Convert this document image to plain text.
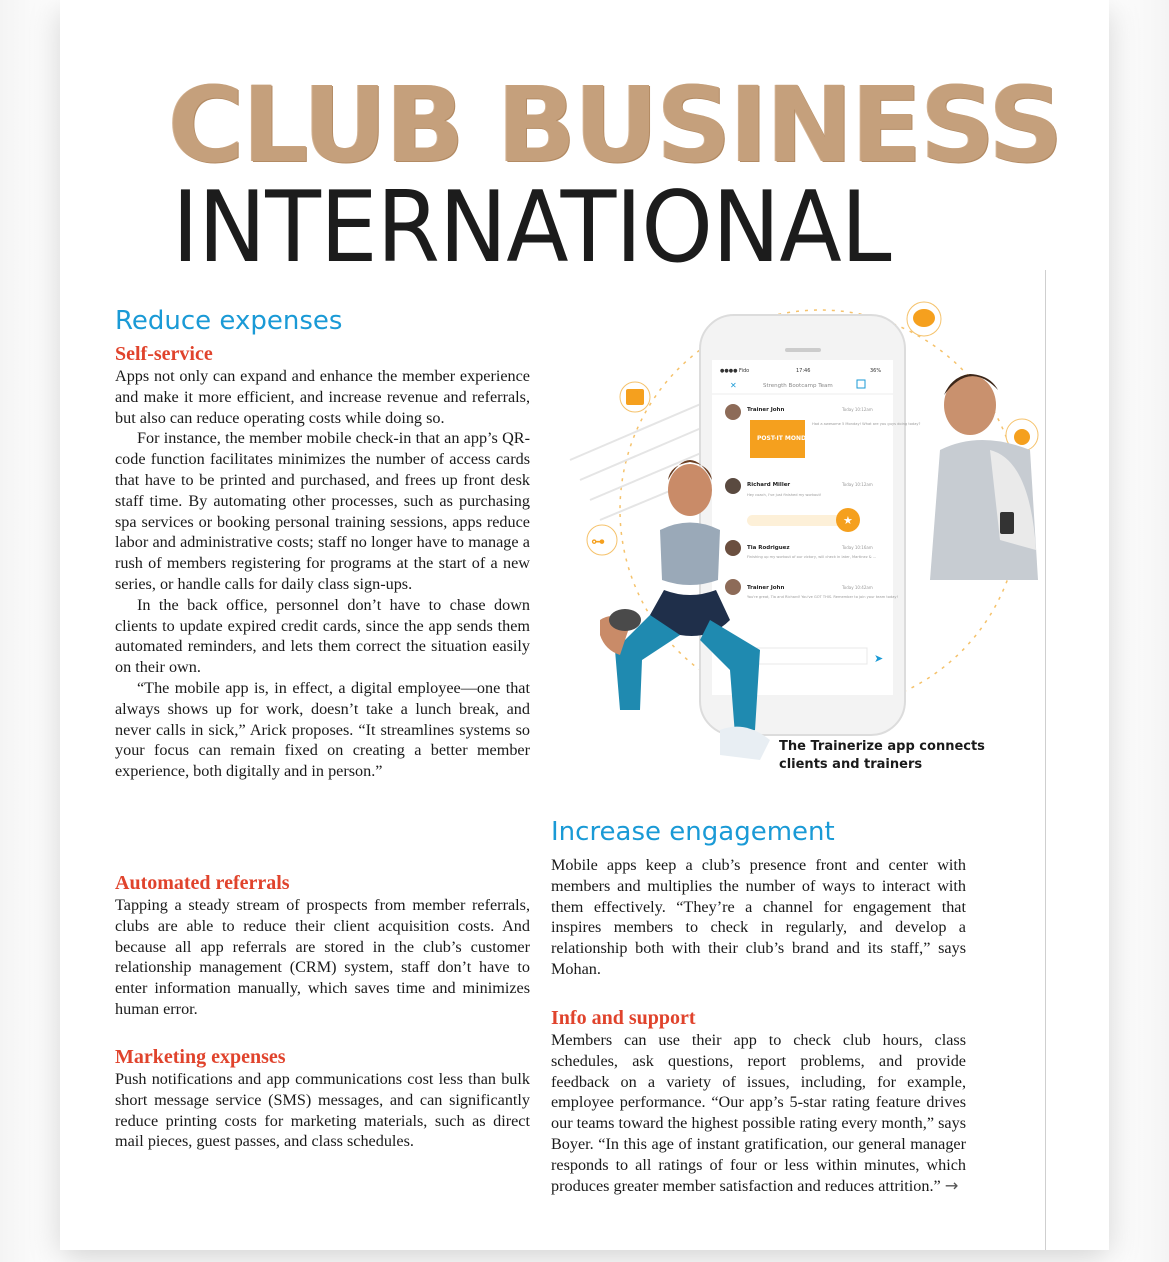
CLUB BUSINESS
INTERNATIONAL
Reduce expenses
Self-service

Apps not only can expand and enhance the member experience and make it more efficient, and increase revenue and referrals, but also can reduce operating costs while doing so.

For instance, the member mobile check-in that an app’s QR-code function facilitates minimizes the number of access cards that have to be printed and purchased, and frees up front desk staff time. By automating other processes, such as purchasing spa services or booking personal training sessions, apps reduce labor and administrative costs; staff no longer have to manage a rush of members registering for programs at the start of a new series, or handle calls for daily class sign-ups.

In the back office, personnel don’t have to chase down clients to update expired credit cards, since the app sends them automated reminders, and lets them correct the situation easily on their own.

“The mobile app is, in effect, a digital employee—one that always shows up for work, doesn’t take a lunch break, and never calls in sick,” Arick proposes. “It streamlines systems so your focus can remain fixed on creating a better member experience, both digitally and in person.”

Automated referrals

Tapping a steady stream of prospects from member referrals, clubs are able to reduce their client acquisition costs. And because all app referrals are stored in the club’s customer relationship management (CRM) system, staff don’t have to enter information manually, which saves time and minimizes human error.

Marketing expenses

Push notifications and app communications cost less than bulk short message service (SMS) messages, and can significantly reduce printing costs for marketing materials, such as direct mail pieces, guest passes, and class schedules.

●●●● Fido	17:46	36%
✕	Strength Bootcamp Team
Trainer John	Today 10:12am
POST-IT MONDAY
Had a awesome 5 Monday! What are you guys doing today?
Richard Miller	Today 10:12am
Hey coach, I've just finished my workout!
★
Tia Rodriguez	Today 10:16am
Finishing up my workout of our victory, will check in later, Martinez & ...
Trainer John	Today 10:42am
You're great, Tia and Richard! You've GOT THIS. Remember to join your team today!
➤
⊶
The Trainerize app connects clients and trainers
Increase engagement

Mobile apps keep a club’s presence front and center with members and multiplies the number of ways to interact with them effectively. “They’re a channel for engagement that inspires members to check in regularly, and develop a relationship both with their club’s brand and its staff,” says Mohan.

Info and support

Members can use their app to check club hours, class schedules, ask questions, report problems, and provide feedback on a variety of issues, including, for example, employee performance. “Our app’s 5-star rating feature drives our teams toward the highest possible rating every month,” says Boyer. “In this age of instant gratification, our general manager responds to all ratings of four or less within minutes, which produces greater member satisfaction and reduces attrition.” →
